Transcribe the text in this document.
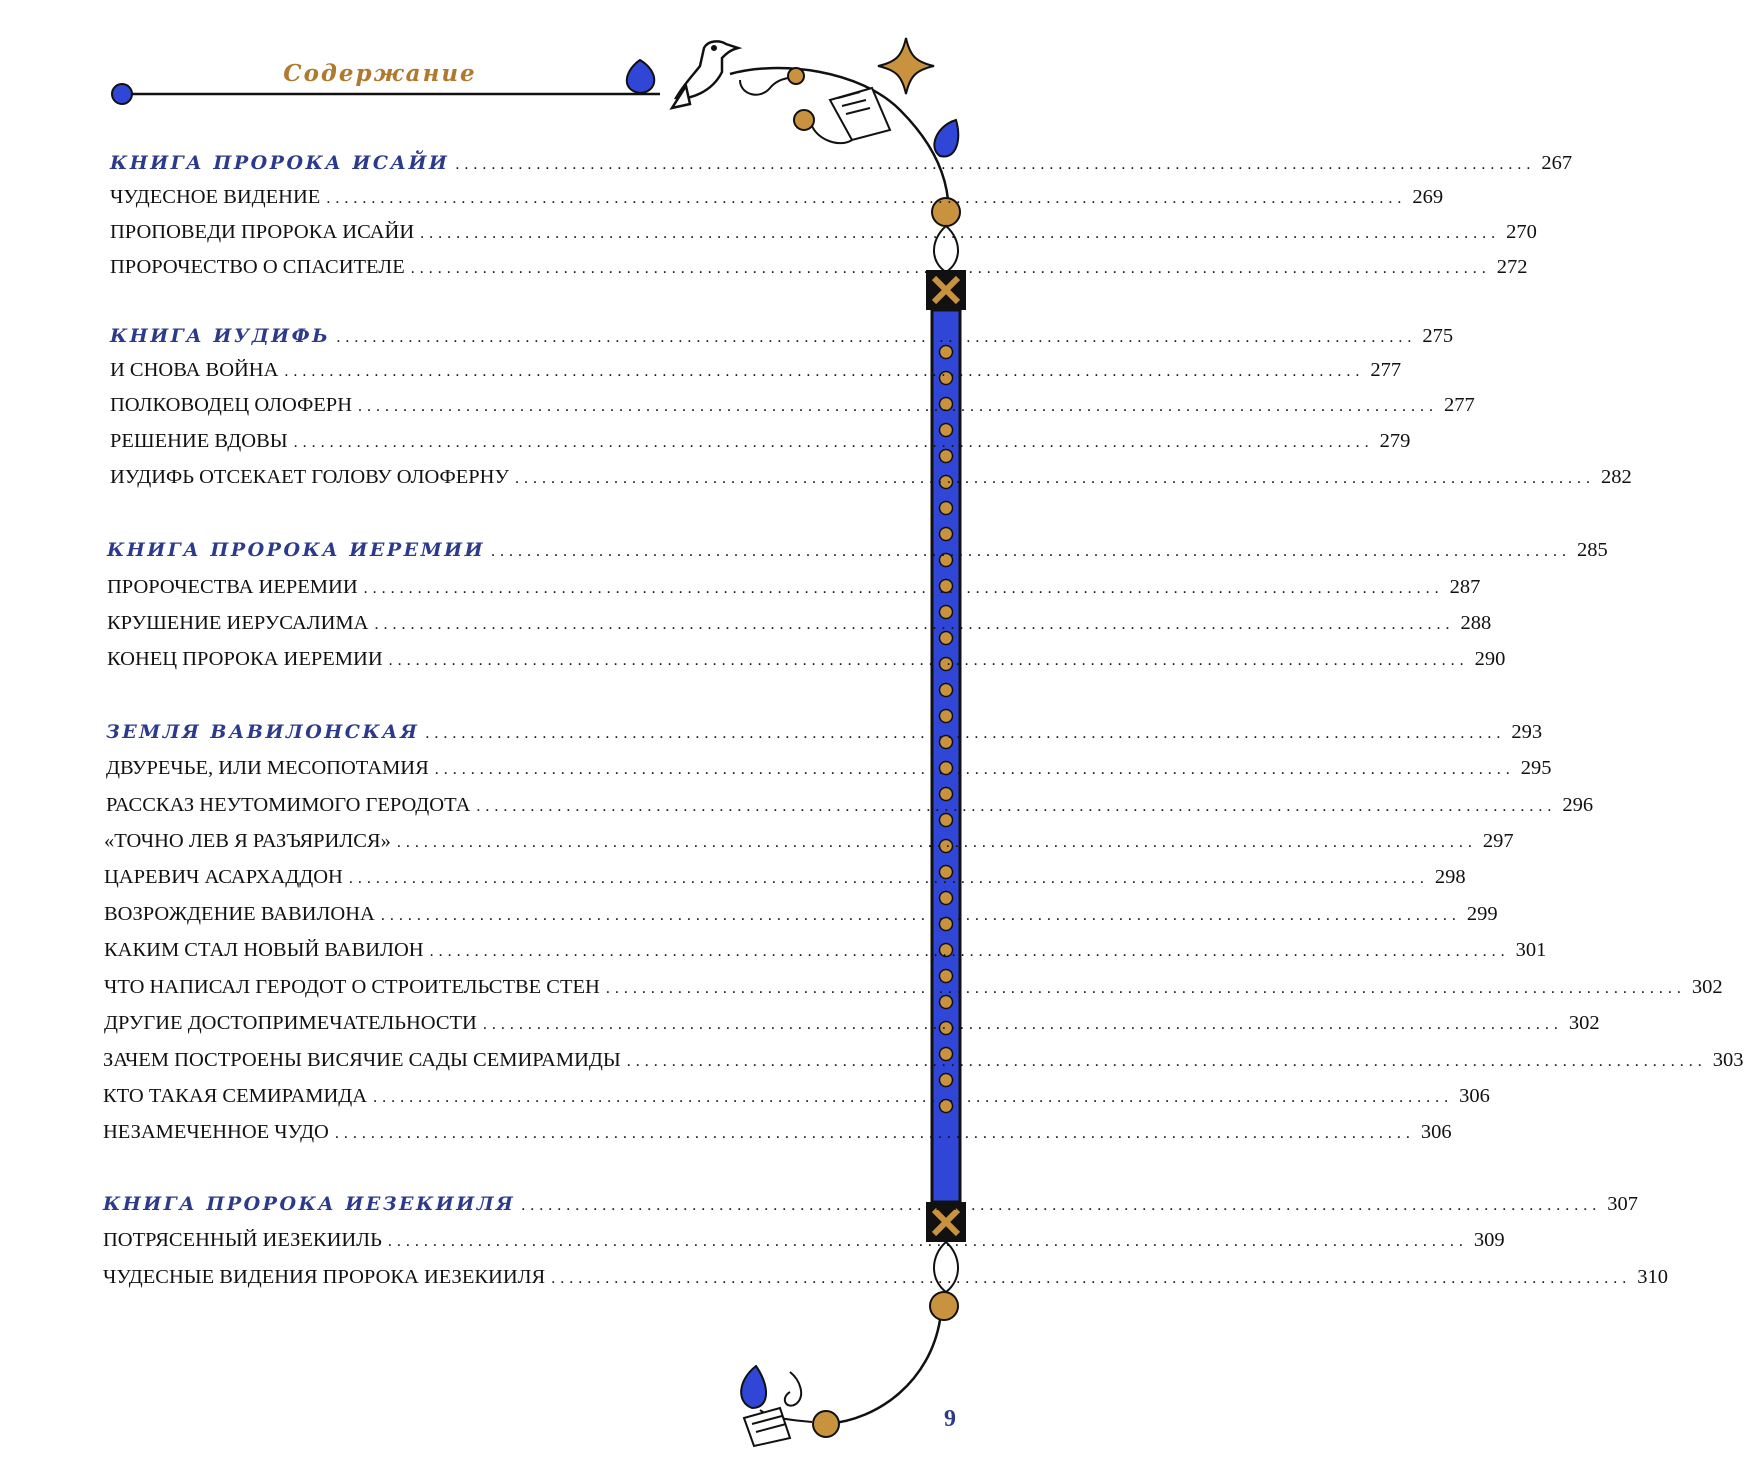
Содержание
КНИГА ПРОРОКА ИСАЙИ ........................................................................................................................ 267
ЧУДЕСНОЕ ВИДЕНИЕ ........................................................................................................................ 269
ПРОПОВЕДИ ПРОРОКА ИСАЙИ ........................................................................................................................ 270
ПРОРОЧЕСТВО О СПАСИТЕЛЕ ........................................................................................................................ 272
КНИГА ИУДИФЬ ........................................................................................................................ 275
И СНОВА ВОЙНА ........................................................................................................................ 277
ПОЛКОВОДЕЦ ОЛОФЕРН ........................................................................................................................ 277
РЕШЕНИЕ ВДОВЫ ........................................................................................................................ 279
ИУДИФЬ ОТСЕКАЕТ ГОЛОВУ ОЛОФЕРНУ ........................................................................................................................ 282
КНИГА ПРОРОКА ИЕРЕМИИ ........................................................................................................................ 285
ПРОРОЧЕСТВА ИЕРЕМИИ ........................................................................................................................ 287
КРУШЕНИЕ ИЕРУСАЛИМА ........................................................................................................................ 288
КОНЕЦ ПРОРОКА ИЕРЕМИИ ........................................................................................................................ 290
ЗЕМЛЯ ВАВИЛОНСКАЯ ........................................................................................................................ 293
ДВУРЕЧЬЕ, ИЛИ МЕСОПОТАМИЯ ........................................................................................................................ 295
РАССКАЗ НЕУТОМИМОГО ГЕРОДОТА ........................................................................................................................ 296
«ТОЧНО ЛЕВ Я РАЗЪЯРИЛСЯ» ........................................................................................................................ 297
ЦАРЕВИЧ АСАРХАДДОН ........................................................................................................................ 298
ВОЗРОЖДЕНИЕ ВАВИЛОНА ........................................................................................................................ 299
КАКИМ СТАЛ НОВЫЙ ВАВИЛОН ........................................................................................................................ 301
ЧТО НАПИСАЛ ГЕРОДОТ О СТРОИТЕЛЬСТВЕ СТЕН ........................................................................................................................ 302
ДРУГИЕ ДОСТОПРИМЕЧАТЕЛЬНОСТИ ........................................................................................................................ 302
ЗАЧЕМ ПОСТРОЕНЫ ВИСЯЧИЕ САДЫ СЕМИРАМИДЫ ........................................................................................................................ 303
КТО ТАКАЯ СЕМИРАМИДА ........................................................................................................................ 306
НЕЗАМЕЧЕННОЕ ЧУДО ........................................................................................................................ 306
КНИГА ПРОРОКА ИЕЗЕКИИЛЯ ........................................................................................................................ 307
ПОТРЯСЕННЫЙ ИЕЗЕКИИЛЬ ........................................................................................................................ 309
ЧУДЕСНЫЕ ВИДЕНИЯ ПРОРОКА ИЕЗЕКИИЛЯ ........................................................................................................................ 310
9
